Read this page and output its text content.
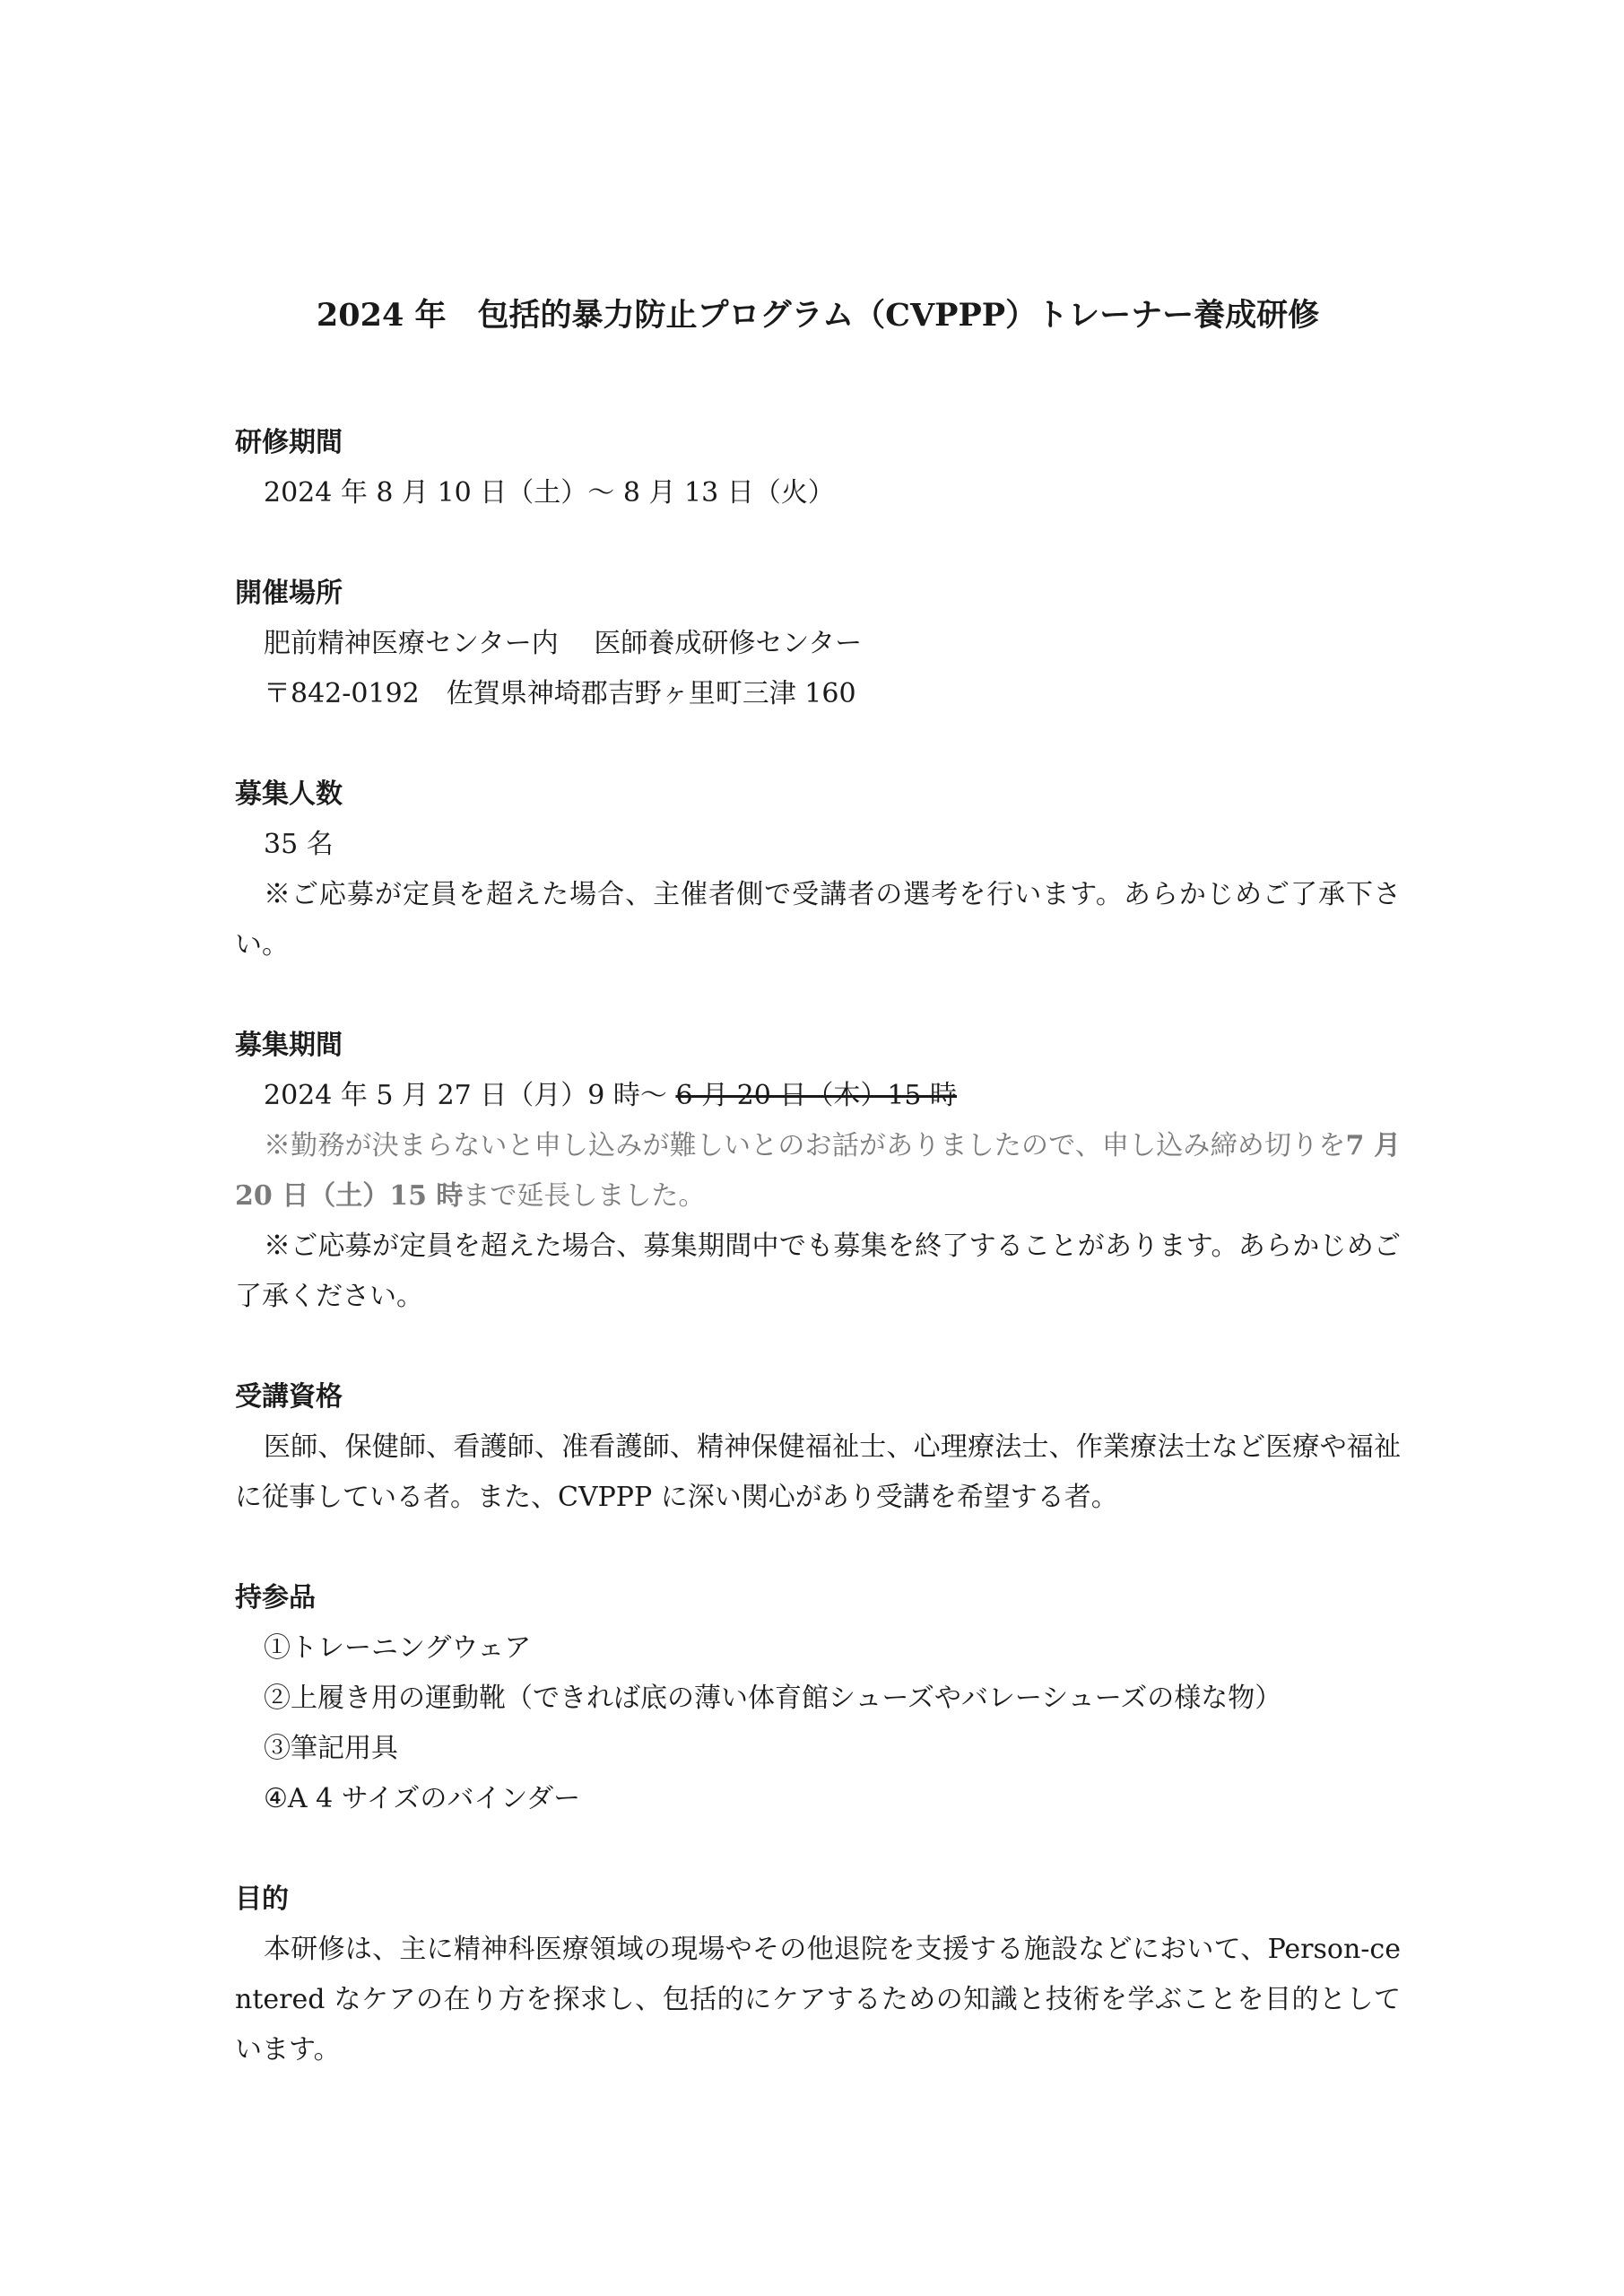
2024 年　包括的暴力防止プログラム（CVPPP）トレーナー養成研修

研修期間

2024 年 8 月 10 日（土）～ 8 月 13 日（火）

開催場所

肥前精神医療センター内　 医師養成研修センター

〒842-0192　佐賀県神埼郡吉野ヶ里町三津 160

募集人数

35 名

※ご応募が定員を超えた場合、主催者側で受講者の選考を行います。あらかじめご了承下さい。

募集期間

2024 年 5 月 27 日（月）9 時～ 6 月 20 日（木）15 時

※勤務が決まらないと申し込みが難しいとのお話がありましたので、申し込み締め切りを7 月 20 日（土）15 時まで延長しました。

※ご応募が定員を超えた場合、募集期間中でも募集を終了することがあります。あらかじめご了承ください。

受講資格

医師、保健師、看護師、准看護師、精神保健福祉士、心理療法士、作業療法士など医療や福祉に従事している者。また、CVPPP に深い関心があり受講を希望する者。

持参品

①トレーニングウェア

②上履き用の運動靴（できれば底の薄い体育館シューズやバレーシューズの様な物）

③筆記用具

④A 4 サイズのバインダー

目的

本研修は、主に精神科医療領域の現場やその他退院を支援する施設などにおいて、Person-centered なケアの在り方を探求し、包括的にケアするための知識と技術を学ぶことを目的としています。
